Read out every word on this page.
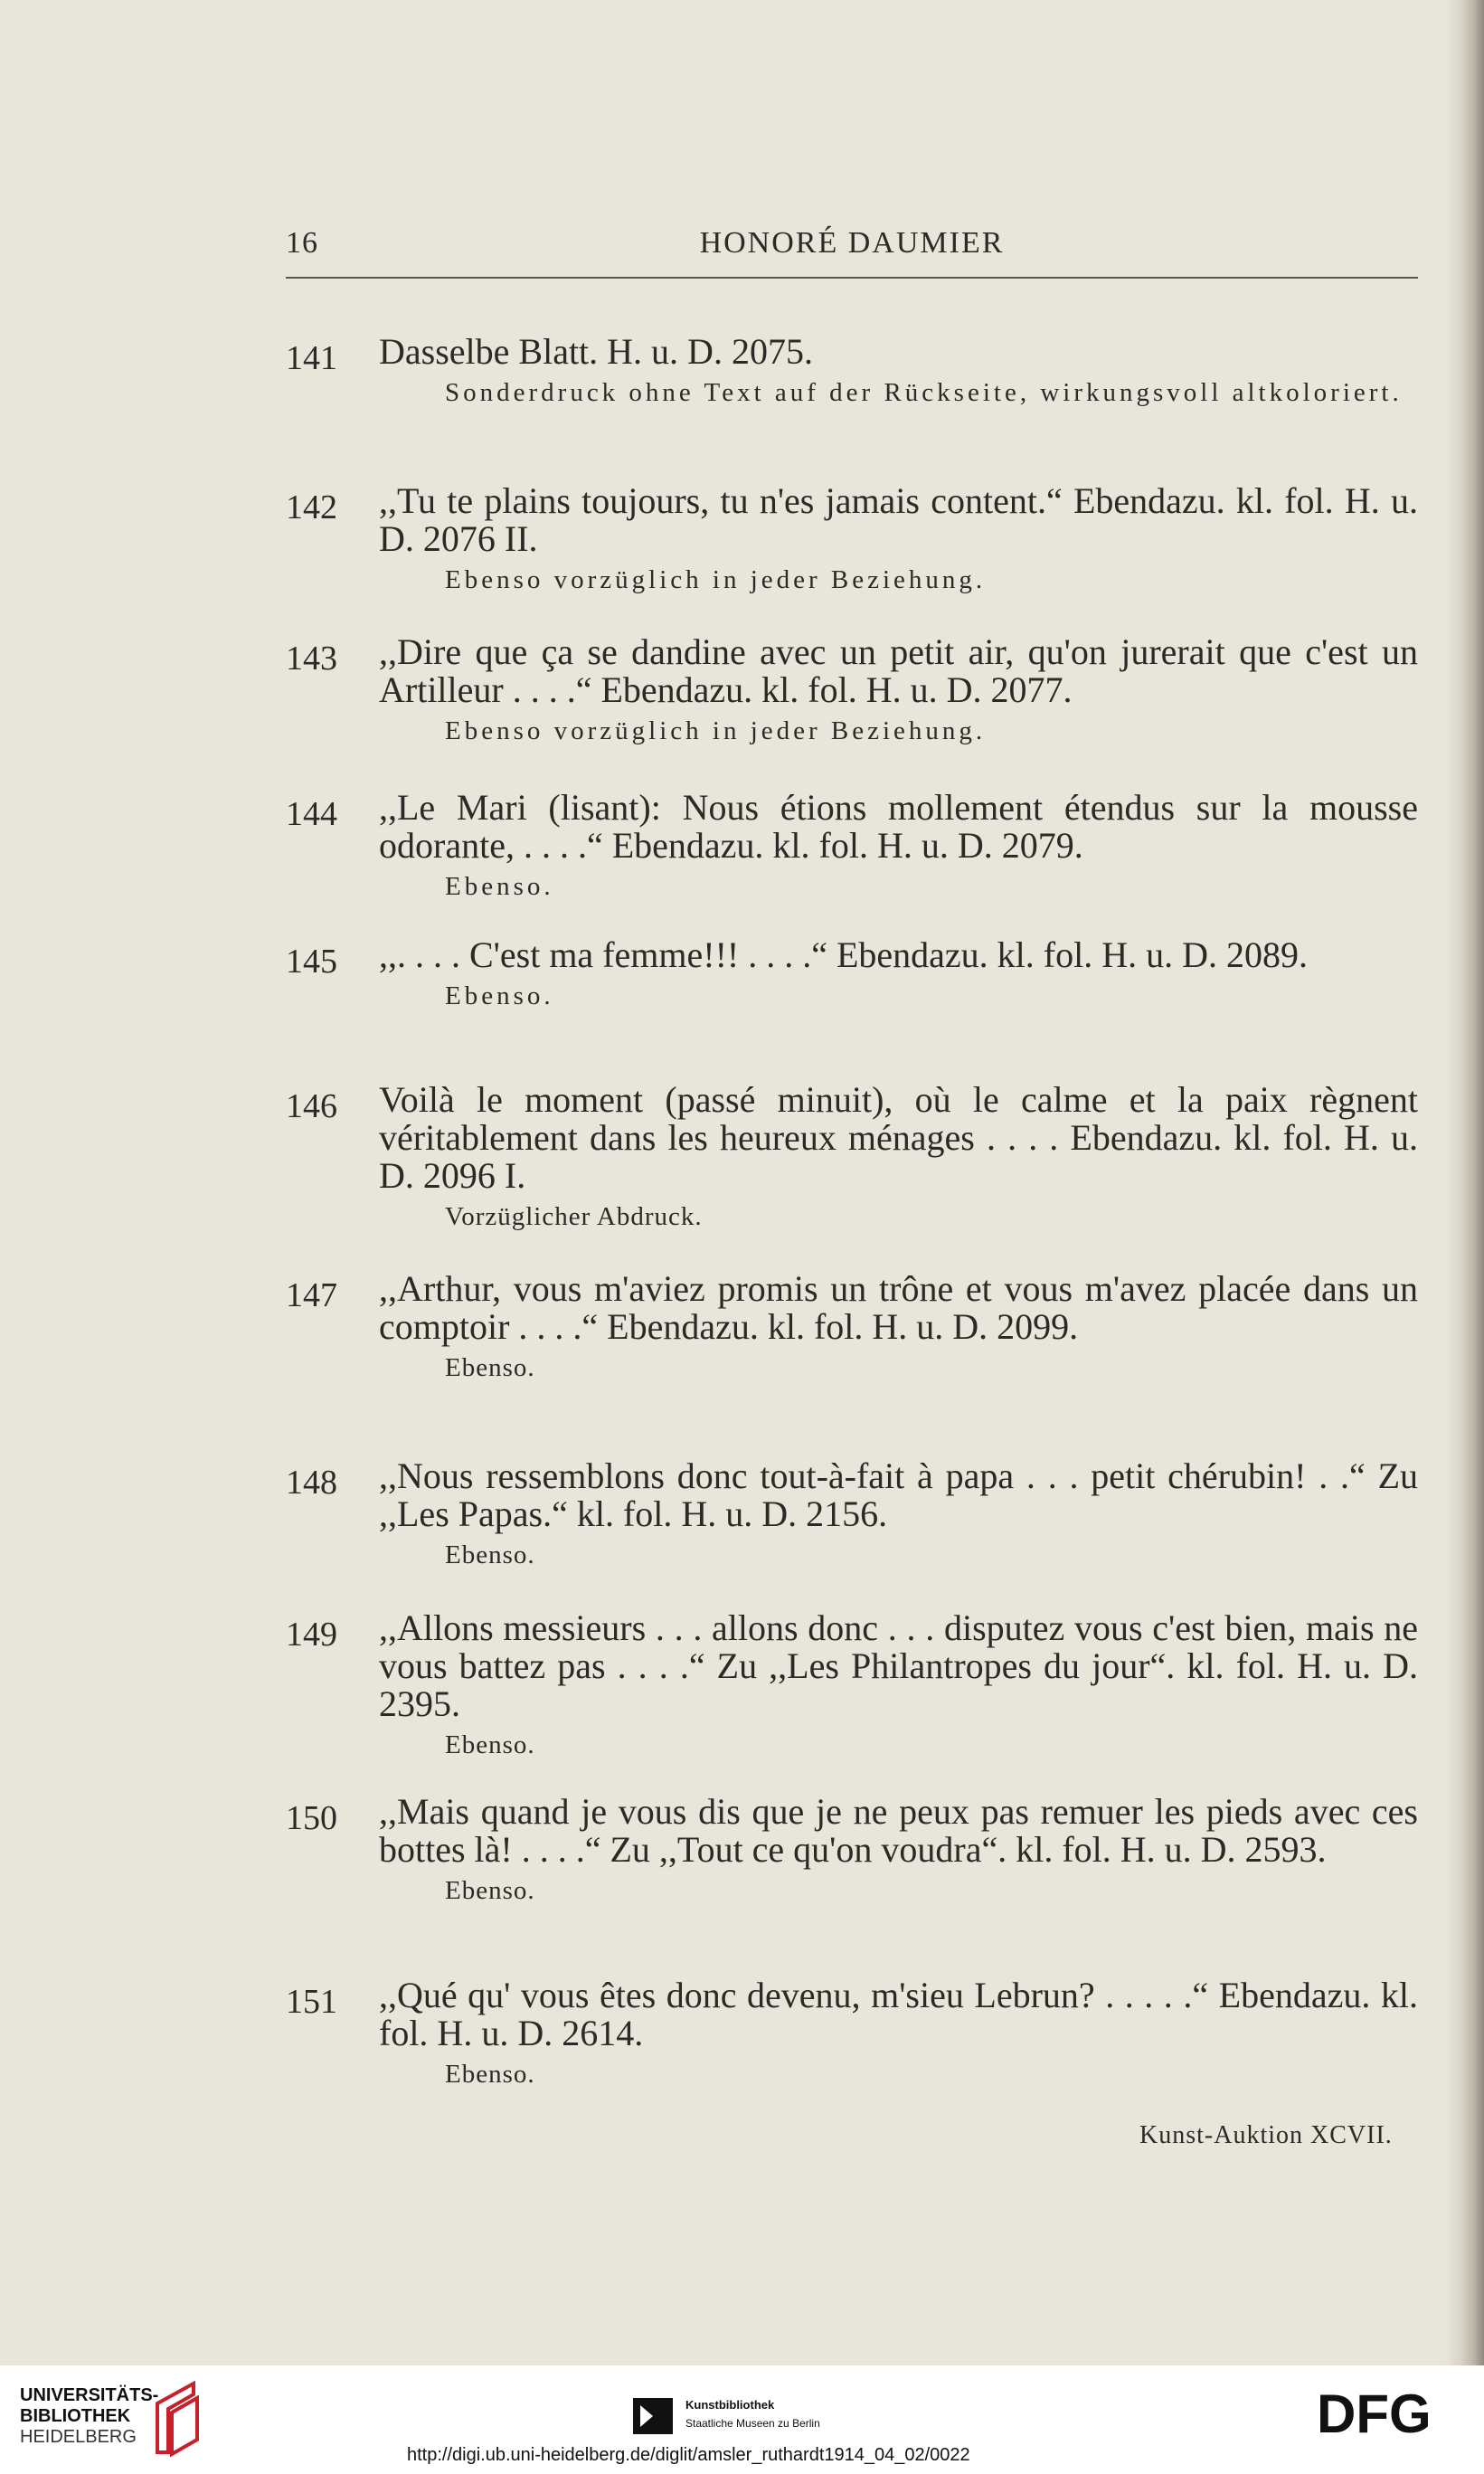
16	HONORÉ DAUMIER
141 Dasselbe Blatt. H. u. D. 2075.
Sonderdruck ohne Text auf der Rückseite, wirkungsvoll altkoloriert.
142 ,,Tu te plains toujours, tu n'es jamais content.“ Ebendazu. kl. fol. H. u. D. 2076 II.
Ebenso vorzüglich in jeder Beziehung.
143 ,,Dire que ça se dandine avec un petit air, qu'on jurerait que c'est un Artilleur . . . .“ Ebendazu. kl. fol. H. u. D. 2077.
Ebenso vorzüglich in jeder Beziehung.
144 ,,Le Mari (lisant): Nous étions mollement étendus sur la mousse odorante, . . . .“ Ebendazu. kl. fol. H. u. D. 2079.
Ebenso.
145 ,,. . . . C'est ma femme!!! . . . .“ Ebendazu. kl. fol. H. u. D. 2089.
Ebenso.
146 Voilà le moment (passé minuit), où le calme et la paix règnent véritablement dans les heureux ménages . . . . Ebendazu. kl. fol. H. u. D. 2096 I.
Vorzüglicher Abdruck.
147 ,,Arthur, vous m'aviez promis un trône et vous m'avez placée dans un comptoir . . . .“ Ebendazu. kl. fol. H. u. D. 2099.
Ebenso.
148 ,,Nous ressemblons donc tout-à-fait à papa . . . petit chérubin! . .“ Zu ,,Les Papas.“ kl. fol. H. u. D. 2156.
Ebenso.
149 ,,Allons messieurs . . . allons donc . . . disputez vous c'est bien, mais ne vous battez pas . . . .“ Zu ,,Les Philantropes du jour“. kl. fol. H. u. D. 2395.
Ebenso.
150 ,,Mais quand je vous dis que je ne peux pas remuer les pieds avec ces bottes là! . . . .“ Zu ,,Tout ce qu'on voudra“. kl. fol. H. u. D. 2593.
Ebenso.
151 ,,Qué qu' vous êtes donc devenu, m'sieu Lebrun? . . . . .“ Ebendazu. kl. fol. H. u. D. 2614.
Ebenso.
Kunst-Auktion XCVII.
UNIVERSITÄTS-
BIBLIOTHEK
HEIDELBERG
Kunstbibliothek
Staatliche Museen zu Berlin	DFG
http://digi.ub.uni-heidelberg.de/diglit/amsler_ruthardt1914_04_02/0022
